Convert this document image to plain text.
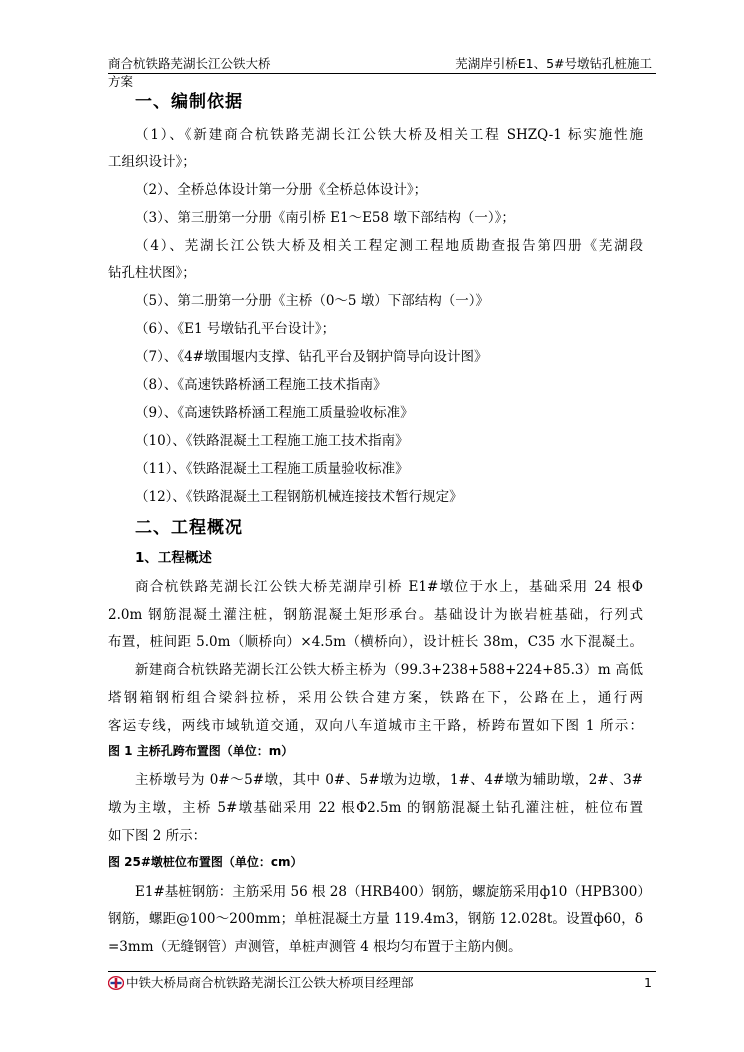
商合杭铁路芜湖长江公铁大桥	芜湖岸引桥E1、5#号墩钻孔桩施工
方案
一、编制依据
（1）、《新建商合杭铁路芜湖长江公铁大桥及相关工程 SHZQ-1 标实施性施
工组织设计》；
（2）、全桥总体设计第一分册《全桥总体设计》；
（3）、第三册第一分册《南引桥 E1～E58 墩下部结构（一）》；
（4）、芜湖长江公铁大桥及相关工程定测工程地质勘查报告第四册《芜湖段
钻孔柱状图》；
（5）、第二册第一分册《主桥（0～5 墩）下部结构（一）》
（6）、《E1 号墩钻孔平台设计》；
（7）、《4#墩围堰内支撑、钻孔平台及钢护筒导向设计图》
（8）、《高速铁路桥涵工程施工技术指南》
（9）、《高速铁路桥涵工程施工质量验收标准》
（10）、《铁路混凝土工程施工施工技术指南》
（11）、《铁路混凝土工程施工质量验收标准》
（12）、《铁路混凝土工程钢筋机械连接技术暂行规定》
二、工程概况
1、工程概述
商合杭铁路芜湖长江公铁大桥芜湖岸引桥 E1#墩位于水上，基础采用 24 根Φ
2.0m 钢筋混凝土灌注桩，钢筋混凝土矩形承台。基础设计为嵌岩桩基础，行列式
布置，桩间距 5.0m（顺桥向）×4.5m（横桥向），设计桩长 38m，C35 水下混凝土。
新建商合杭铁路芜湖长江公铁大桥主桥为（99.3+238+588+224+85.3）m 高低
塔钢箱钢桁组合梁斜拉桥，采用公铁合建方案，铁路在下，公路在上，通行两
客运专线，两线市域轨道交通，双向八车道城市主干路，桥跨布置如下图 1 所示：
图 1 主桥孔跨布置图（单位：m）
主桥墩号为 0#～5#墩，其中 0#、5#墩为边墩，1#、4#墩为辅助墩，2#、3#
墩为主墩，主桥 5#墩基础采用 22 根Φ2.5m 的钢筋混凝土钻孔灌注桩，桩位布置
如下图 2 所示：
图 25#墩桩位布置图（单位：cm）
E1#基桩钢筋：主筋采用 56 根 28（HRB400）钢筋，螺旋筋采用ф10（HPB300）
钢筋，螺距@100～200mm；单桩混凝土方量 119.4m3，钢筋 12.028t。设置ф60，δ
=3mm（无缝钢管）声测管，单桩声测管 4 根均匀布置于主筋内侧。
中铁大桥局商合杭铁路芜湖长江公铁大桥项目经理部	1
